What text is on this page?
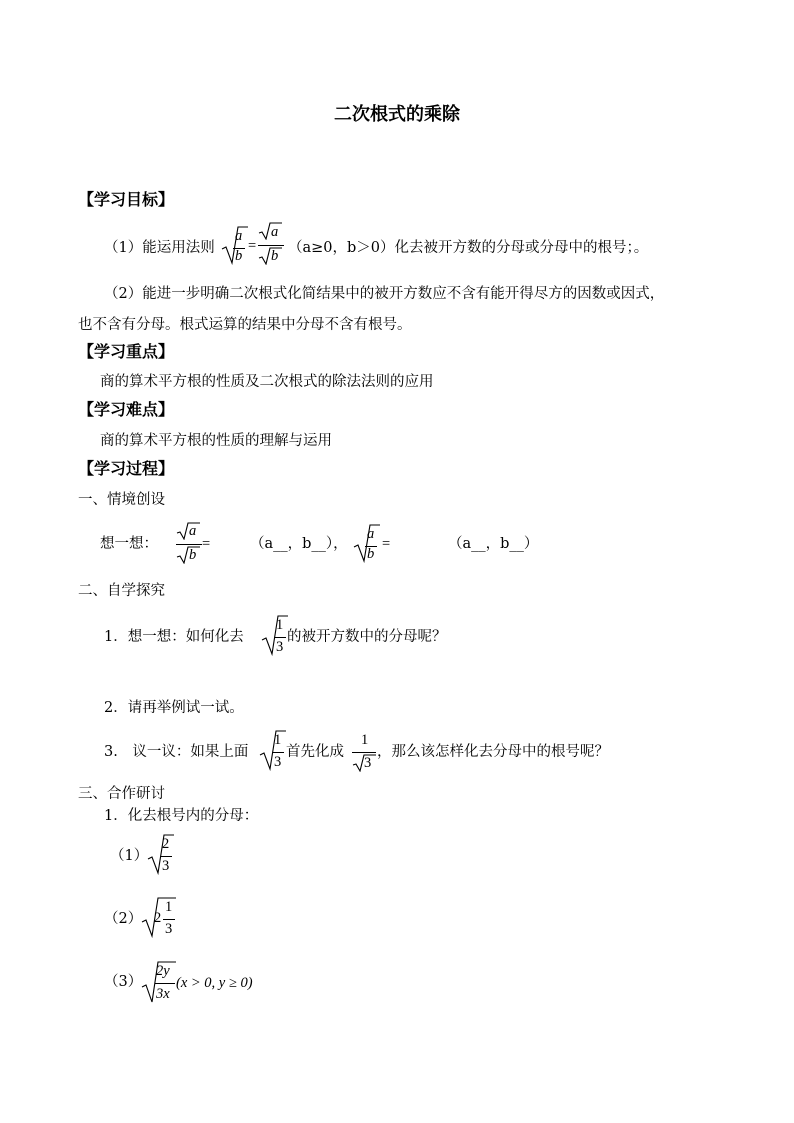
二次根式的乘除
【学习目标】
（1）能运用法则
a
b
=
a
b （a≥0，b＞0）化去被开方数的分母或分母中的根号；。
（2）能进一步明确二次根式化简结果中的被开方数应不含有能开得尽方的因数或因式，
也不含有分母。根式运算的结果中分母不含有根号。
【学习重点】
商的算术平方根的性质及二次根式的除法法则的应用
【学习难点】
商的算术平方根的性质的理解与运用
【学习过程】
一、情境创设
想一想：
a
b
=	（a__，b__），
a
b
=	（a__，b__）
二、自学探究
1．想一想：如何化去
1
3
的被开方数中的分母呢？
2．请再举例试一试。
3.　议一议：如果上面
1
3
首先化成
1
3
，那么该怎样化去分母中的根号呢？
三、合作研讨
1．化去根号内的分母：
（1）
2
3
（2） 2
1
3
（3）
2y
3x
(x > 0, y ≥ 0)
